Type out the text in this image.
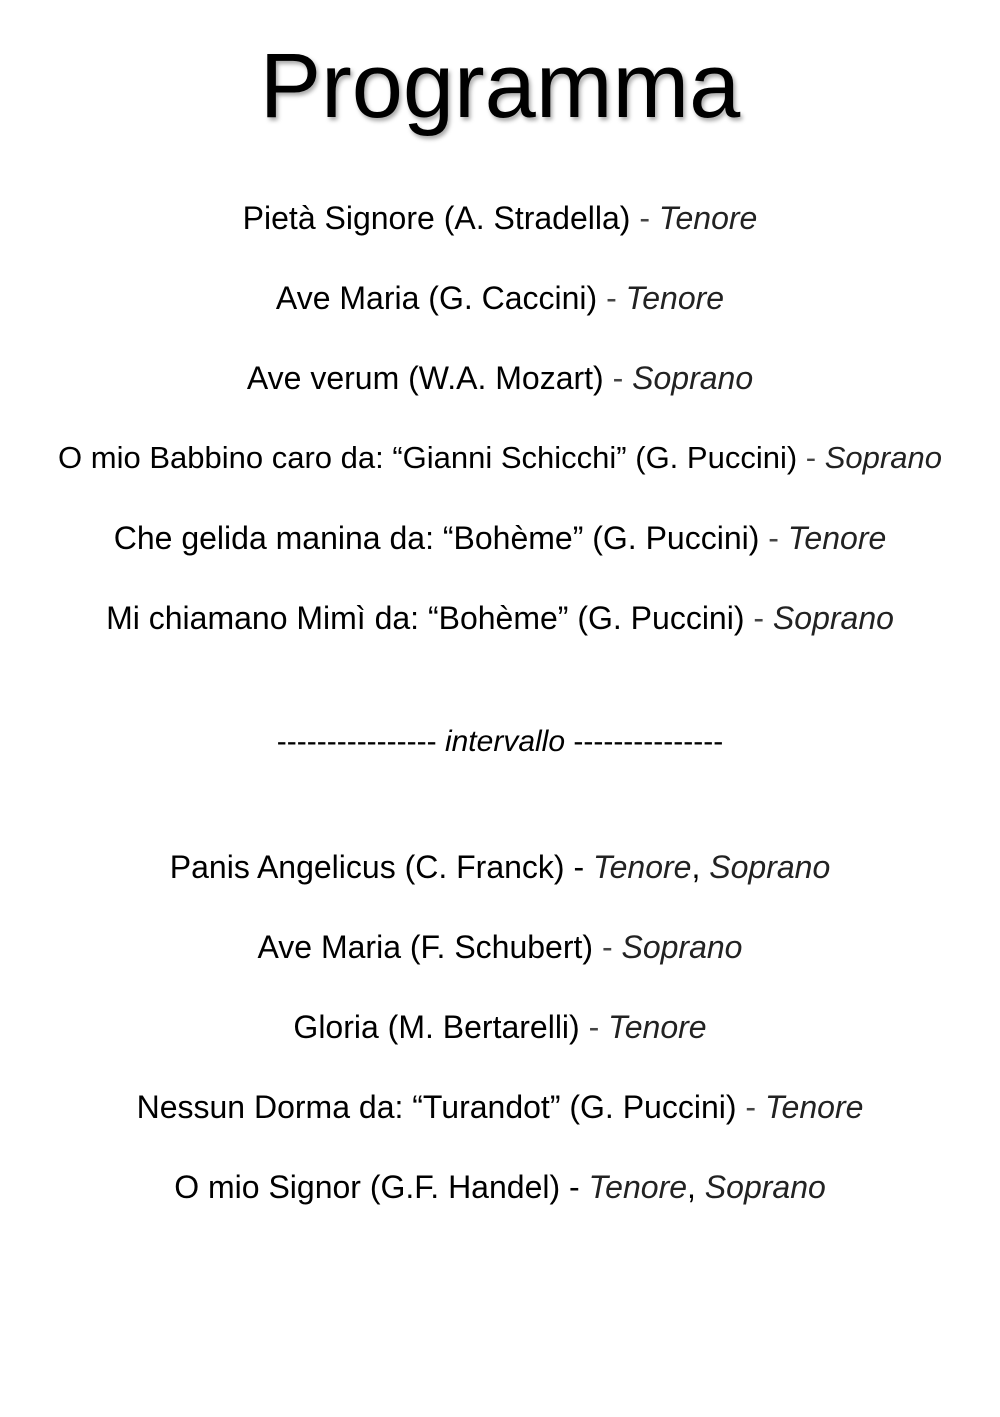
Programma
Pietà Signore (A. Stradella) - Tenore
Ave Maria (G. Caccini) - Tenore
Ave verum (W.A. Mozart) - Soprano
O mio Babbino caro da: “Gianni Schicchi” (G. Puccini) - Soprano
Che gelida manina da: “Bohème” (G. Puccini) - Tenore
Mi chiamano Mimì da: “Bohème” (G. Puccini) - Soprano
---------------- intervallo ---------------
Panis Angelicus (C. Franck) - Tenore, Soprano
Ave Maria (F. Schubert) - Soprano
Gloria (M. Bertarelli) - Tenore
Nessun Dorma da: “Turandot” (G. Puccini) - Tenore
O mio Signor (G.F. Handel) - Tenore, Soprano
